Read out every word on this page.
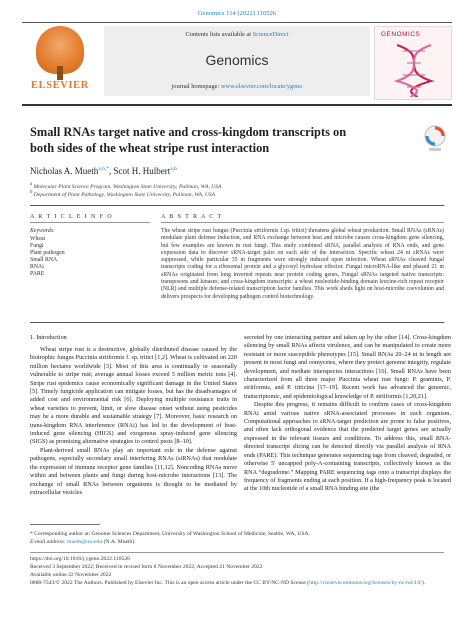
Genomics 114 (2022) 110526
ELSEVIER
Contents lists available at ScienceDirect
Genomics
journal homepage: www.elsevier.com/locate/ygeno
GENOMICS
Small RNAs target native and cross-kingdom transcripts on both sides of the wheat stripe rust interaction
Nicholas A. Mueth$^{a,b,*}$, Scot H. Hulbert$^{a,b}$
$^a$ Molecular Plant Science Program, Washington State University, Pullman, WA, USA
$^b$ Department of Plant Pathology, Washington State University, Pullman, WA, USA
A R T I C L E I N F O	A B S T R A C T
Keywords:
Wheat
Fungi
Plant pathogen
Small RNA
RNAi
PARE

The wheat stripe rust fungus (Puccinia striiformis f.sp. tritici) threatens global wheat production. Small RNAs (sRNAs) modulate plant defense induction, and RNA exchange between host and microbe causes cross-kingdom gene silencing, but few examples are known in rust fungi. This study combined sRNA, parallel analysis of RNA ends, and gene expression data to discover sRNA-target pairs on each side of the interaction. Specific wheat 24 nt sRNAs were suppressed, while particular 35 nt fragments were strongly induced upon infection. Wheat sRNAs cleaved fungal transcripts coding for a ribosomal protein and a glycosyl hydrolase effector. Fungal microRNA-like and phased 21 nt sRNAs originated from long inverted repeats near protein coding genes. Fungal sRNAs targeted native transcripts: transposons and kinases; and cross-kingdom transcripts: a wheat nucleotide-binding domain leucine-rich repeat receptor (NLR) and multiple defense-related transcription factor families. This work sheds light on host-microbe coevolution and delivers prospects for developing pathogen control biotechnology.

1. Introduction

Wheat stripe rust is a destructive, globally distributed disease caused by the biotrophic fungus Puccinia striiformis f. sp. tritici [1,2]. Wheat is cultivated on 220 million hectares worldwide [3]. Most of this area is continually or seasonally vulnerable to stripe rust; average annual losses exceed 5 million metric tons [4]. Stripe rust epidemics cause economically significant damage in the United States [5]. Timely fungicide application can mitigate losses, but has the disadvantages of added cost and environmental risk [6]. Deploying multiple resistance traits in wheat varieties to prevent, limit, or slow disease onset without using pesticides may be a more durable and sustainable strategy [7]. Moreover, basic research on trans-kingdom RNA interference (RNAi) has led to the development of host-induced gene silencing (HIGS) and exogenous spray-induced gene silencing (SIGS) as promising alternative strategies to control pests [8–10].

Plant-derived small RNAs play an important role in the defense against pathogens, especially secondary small interfering RNAs (siRNAs) that modulate the expression of immune receptor gene families [11,12]. Noncoding RNAs move within and between plants and fungi during host-microbe interactions [13]. The exchange of small RNAs between organisms is thought to be mediated by extracellular vesicles

secreted by one interacting partner and taken up by the other [14]. Cross-kingdom silencing by small RNAs affects virulence, and can be manipulated to create more resistant or more susceptible phenotypes [15]. Small RNAs 20–24 nt in length are present in most fungi and oomycetes, where they protect genome integrity, regulate development, and mediate interspecies interactions [16]. Small RNAs have been characterized from all three major Puccinia wheat rust fungi: P. graminis, P. striiformis, and P. triticina [17–19]. Recent work has advanced the genomic, transcriptomic, and epidemiological knowledge of P. striiformis [1,20,21].

Despite this progress, it remains difficult to confirm cases of cross-kingdom RNAi amid various native sRNA-associated processes in each organism. Computational approaches to sRNA-target prediction are prone to false positives, and often lack orthogonal evidence that the predicted target genes are actually expressed in the relevant tissues and conditions. To address this, small RNA-directed transcript slicing can be detected directly via parallel analysis of RNA ends (PARE). This technique generates sequencing tags from cleaved, degraded, or otherwise 5′ uncapped poly-A-containing transcripts, collectively known as the RNA “degradome.” Mapping PARE sequencing tags onto a transcript displays the frequency of fragments ending at each position. If a high-frequency peak is located at the 10th nucleotide of a small RNA binding site (the

* Corresponding author at: Genome Sciences Department, University of Washington School of Medicine, Seattle, WA, USA.
E-mail address: mueth@uw.edu (N.A. Mueth).
https://doi.org/10.1016/j.ygeno.2022.110526
Received 3 September 2022; Received in revised form 8 November 2022; Accepted 21 November 2022
Available online 22 November 2022
0888-7543/© 2022 The Authors. Published by Elsevier Inc. This is an open access article under the CC BY-NC-ND license (http://creativecommons.org/licenses/by-nc-nd/4.0/).
